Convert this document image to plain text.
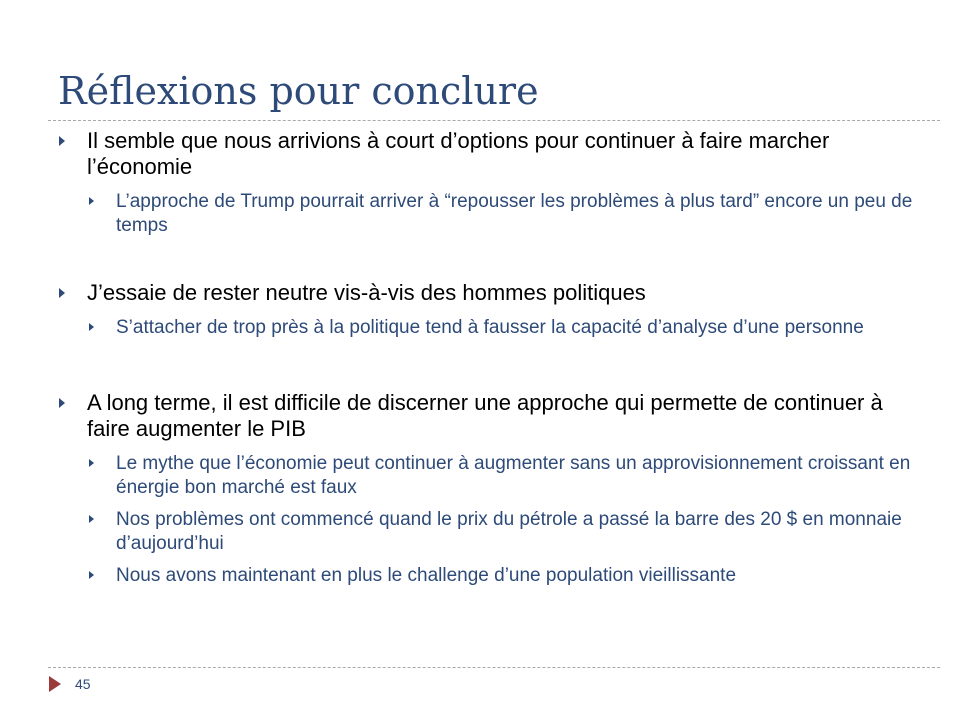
Réflexions pour conclure
Il semble que nous arrivions à court d’options pour continuer à faire marcher l’économie
L’approche de Trump pourrait arriver à “repousser les problèmes à plus tard” encore un peu de temps
J’essaie de rester neutre vis-à-vis des hommes politiques
S’attacher de trop près à la politique tend à fausser la capacité d’analyse d’une personne
A long terme, il est difficile de discerner une approche qui permette de continuer à faire augmenter le PIB
Le mythe que l’économie peut continuer à augmenter sans un approvisionnement croissant en énergie bon marché est faux
Nos problèmes ont commencé quand le prix du pétrole a passé la barre des 20 $ en monnaie d’aujourd’hui
Nous avons maintenant en plus le challenge d’une population vieillissante
45
